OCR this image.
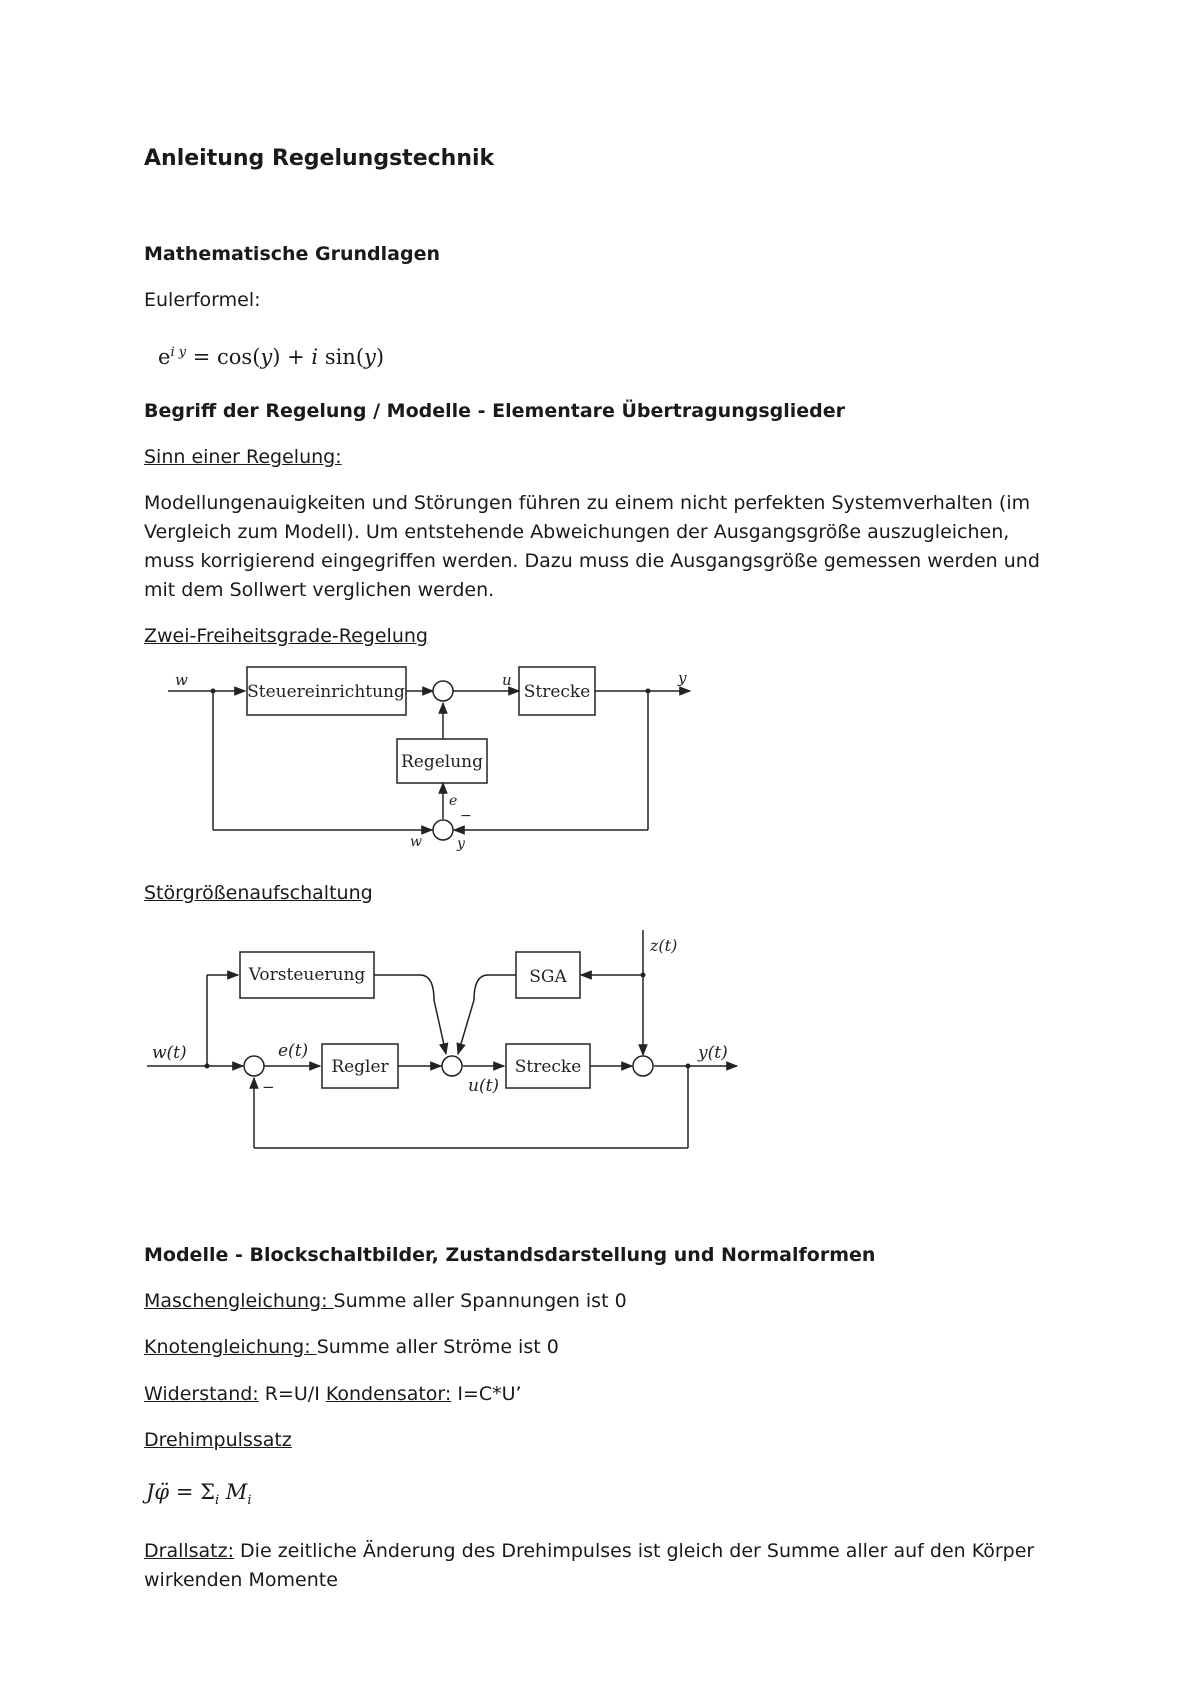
Anleitung Regelungstechnik
Mathematische Grundlagen
Eulerformel:
$e^{i y} = \cos(y) + i$ sin(y)
Begriff der Regelung / Modelle - Elementare Übertragungsglieder
Sinn einer Regelung:
Modellungenauigkeiten und Störungen führen zu einem nicht perfekten Systemverhalten (im Vergleich zum Modell). Um entstehende Abweichungen der Ausgangsgröße auszugleichen, muss korrigierend eingegriffen werden. Dazu muss die Ausgangsgröße gemessen werden und mit dem Sollwert verglichen werden.
Zwei-Freiheitsgrade-Regelung
Steuereinrichtung	Strecke
Regelung
w	u	y
e
−
w	y
Störgrößenaufschaltung
Vorsteuerung	SGA
Regler	Strecke
z(t)
w(t)	e(t)
u(t)
y(t)
−
Modelle - Blockschaltbilder, Zustandsdarstellung und Normalformen
Maschengleichung: Summe aller Spannungen ist 0
Knotengleichung: Summe aller Ströme ist 0
Widerstand: R=U/I Kondensator: I=C*U’
Drehimpulssatz
Jφ̈ = $\Sigma_i$ $M_i$
Drallsatz: Die zeitliche Änderung des Drehimpulses ist gleich der Summe aller auf den Körper wirkenden Momente
